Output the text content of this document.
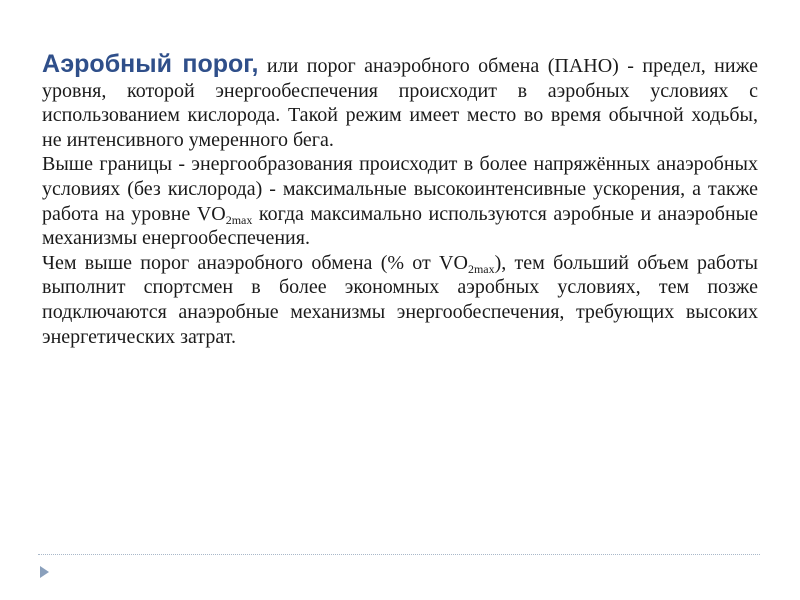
Аэробный порог, или порог анаэробного обмена (ПАНО) - предел, ниже уровня, которой энергообеспечения происходит в аэробных условиях с использованием кислорода. Такой режим имеет место во время обычной ходьбы, не интенсивного умеренного бега.

Выше границы - энергообразования происходит в более напряжённых анаэробных условиях (без кислорода) - максимальные высокоинтенсивные ускорения, а также работа на уровне $VO_{2max}$ когда максимально используются аэробные и анаэробные механизмы енергообеспечения.

Чем выше порог анаэробного обмена (% от $VO_{2max}$), тем больший объем работы выполнит спортсмен в более экономных аэробных условиях, тем позже подключаются анаэробные механизмы энергообеспечения, требующих высоких энергетических затрат.
